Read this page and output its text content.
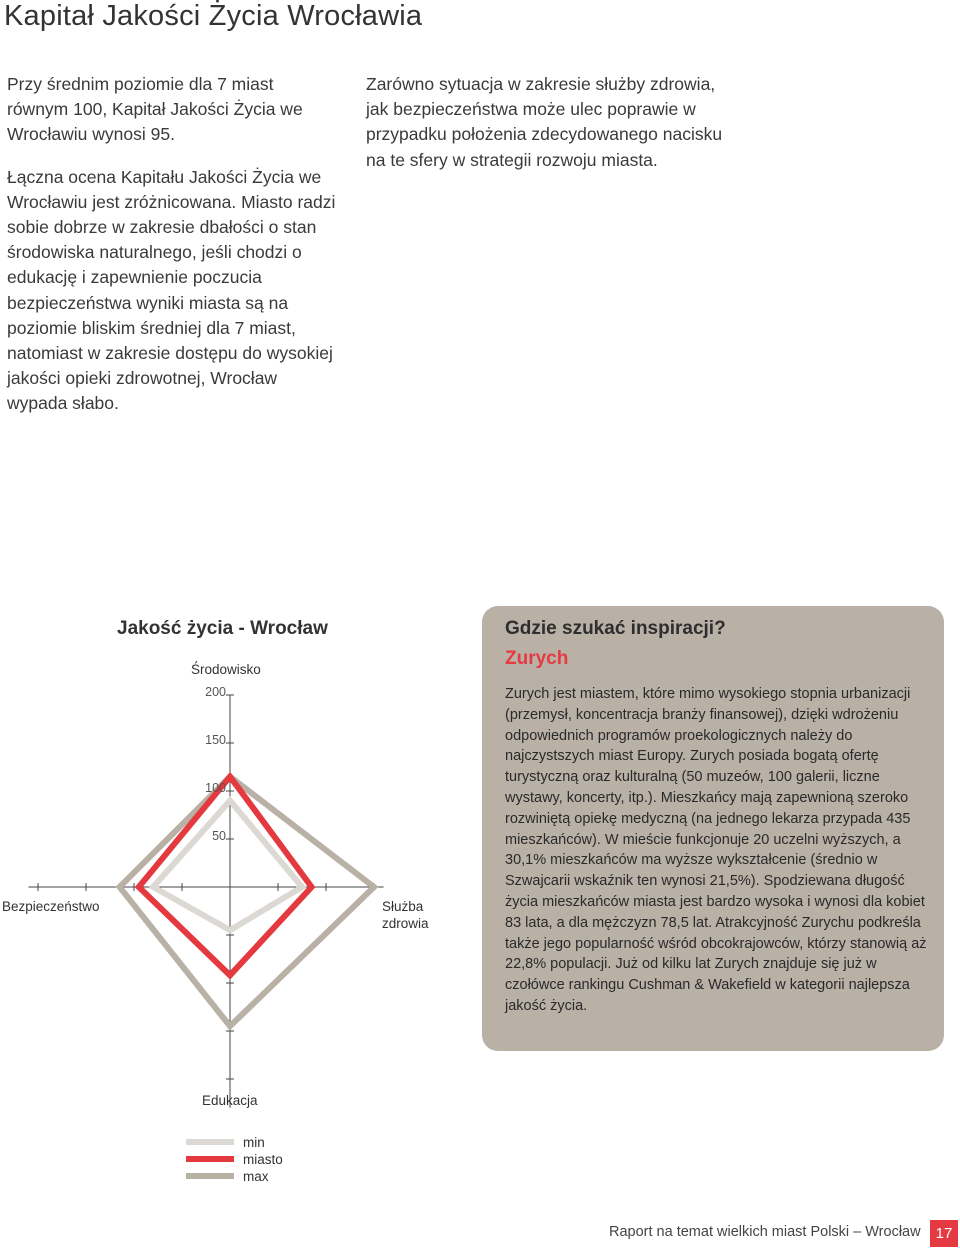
Kapitał Jakości Życia Wrocławia

Przy średnim poziomie dla 7 miast równym 100, Kapitał Jakości Życia we Wrocławiu wynosi 95.

Łączna ocena Kapitału Jakości Życia we Wrocławiu jest zróżnicowana. Miasto radzi sobie dobrze w zakresie dbałości o stan środowiska naturalnego, jeśli chodzi o edukację i zapewnienie poczucia bezpieczeństwa wyniki miasta są na poziomie bliskim średniej dla 7 miast, natomiast w zakresie dostępu do wysokiej jakości opieki zdrowotnej, Wrocław wypada słabo.

Zarówno sytuacja w zakresie służby zdrowia, jak bezpieczeństwa może ulec poprawie w przypadku położenia zdecydowanego nacisku na te sfery w strategii rozwoju miasta.

Jakość życia - Wrocław
50
100
150
200
Środowisko
Służba
zdrowia
Edukacja
Bezpieczeństwo
min
miasto
max
Gdzie szukać inspiracji?
Zurych

Zurych jest miastem, które mimo wysokiego stopnia urbanizacji (przemysł, koncentracja branży finansowej), dzięki wdrożeniu odpowiednich programów proekologicznych należy do najczystszych miast Europy. Zurych posiada bogatą ofertę turystyczną oraz kulturalną (50 muzeów, 100 galerii, liczne wystawy, koncerty, itp.). Mieszkańcy mają zapewnioną szeroko rozwiniętą opiekę medyczną (na jednego lekarza przypada 435 mieszkańców). W mieście funkcjonuje 20 uczelni wyższych, a 30,1% mieszkańców ma wyższe wykształcenie (średnio w Szwajcarii wskaźnik ten wynosi 21,5%). Spodziewana długość życia mieszkańców miasta jest bardzo wysoka i wynosi dla kobiet 83 lata, a dla mężczyzn 78,5 lat. Atrakcyjność Zurychu podkreśla także jego popularność wśród obcokrajowców, którzy stanowią aż 22,8% populacji. Już od kilku lat Zurych znajduje się już w czołówce rankingu Cushman & Wakefield w kategorii najlepsza jakość życia.

Raport na temat wielkich miast Polski – Wrocław	17
